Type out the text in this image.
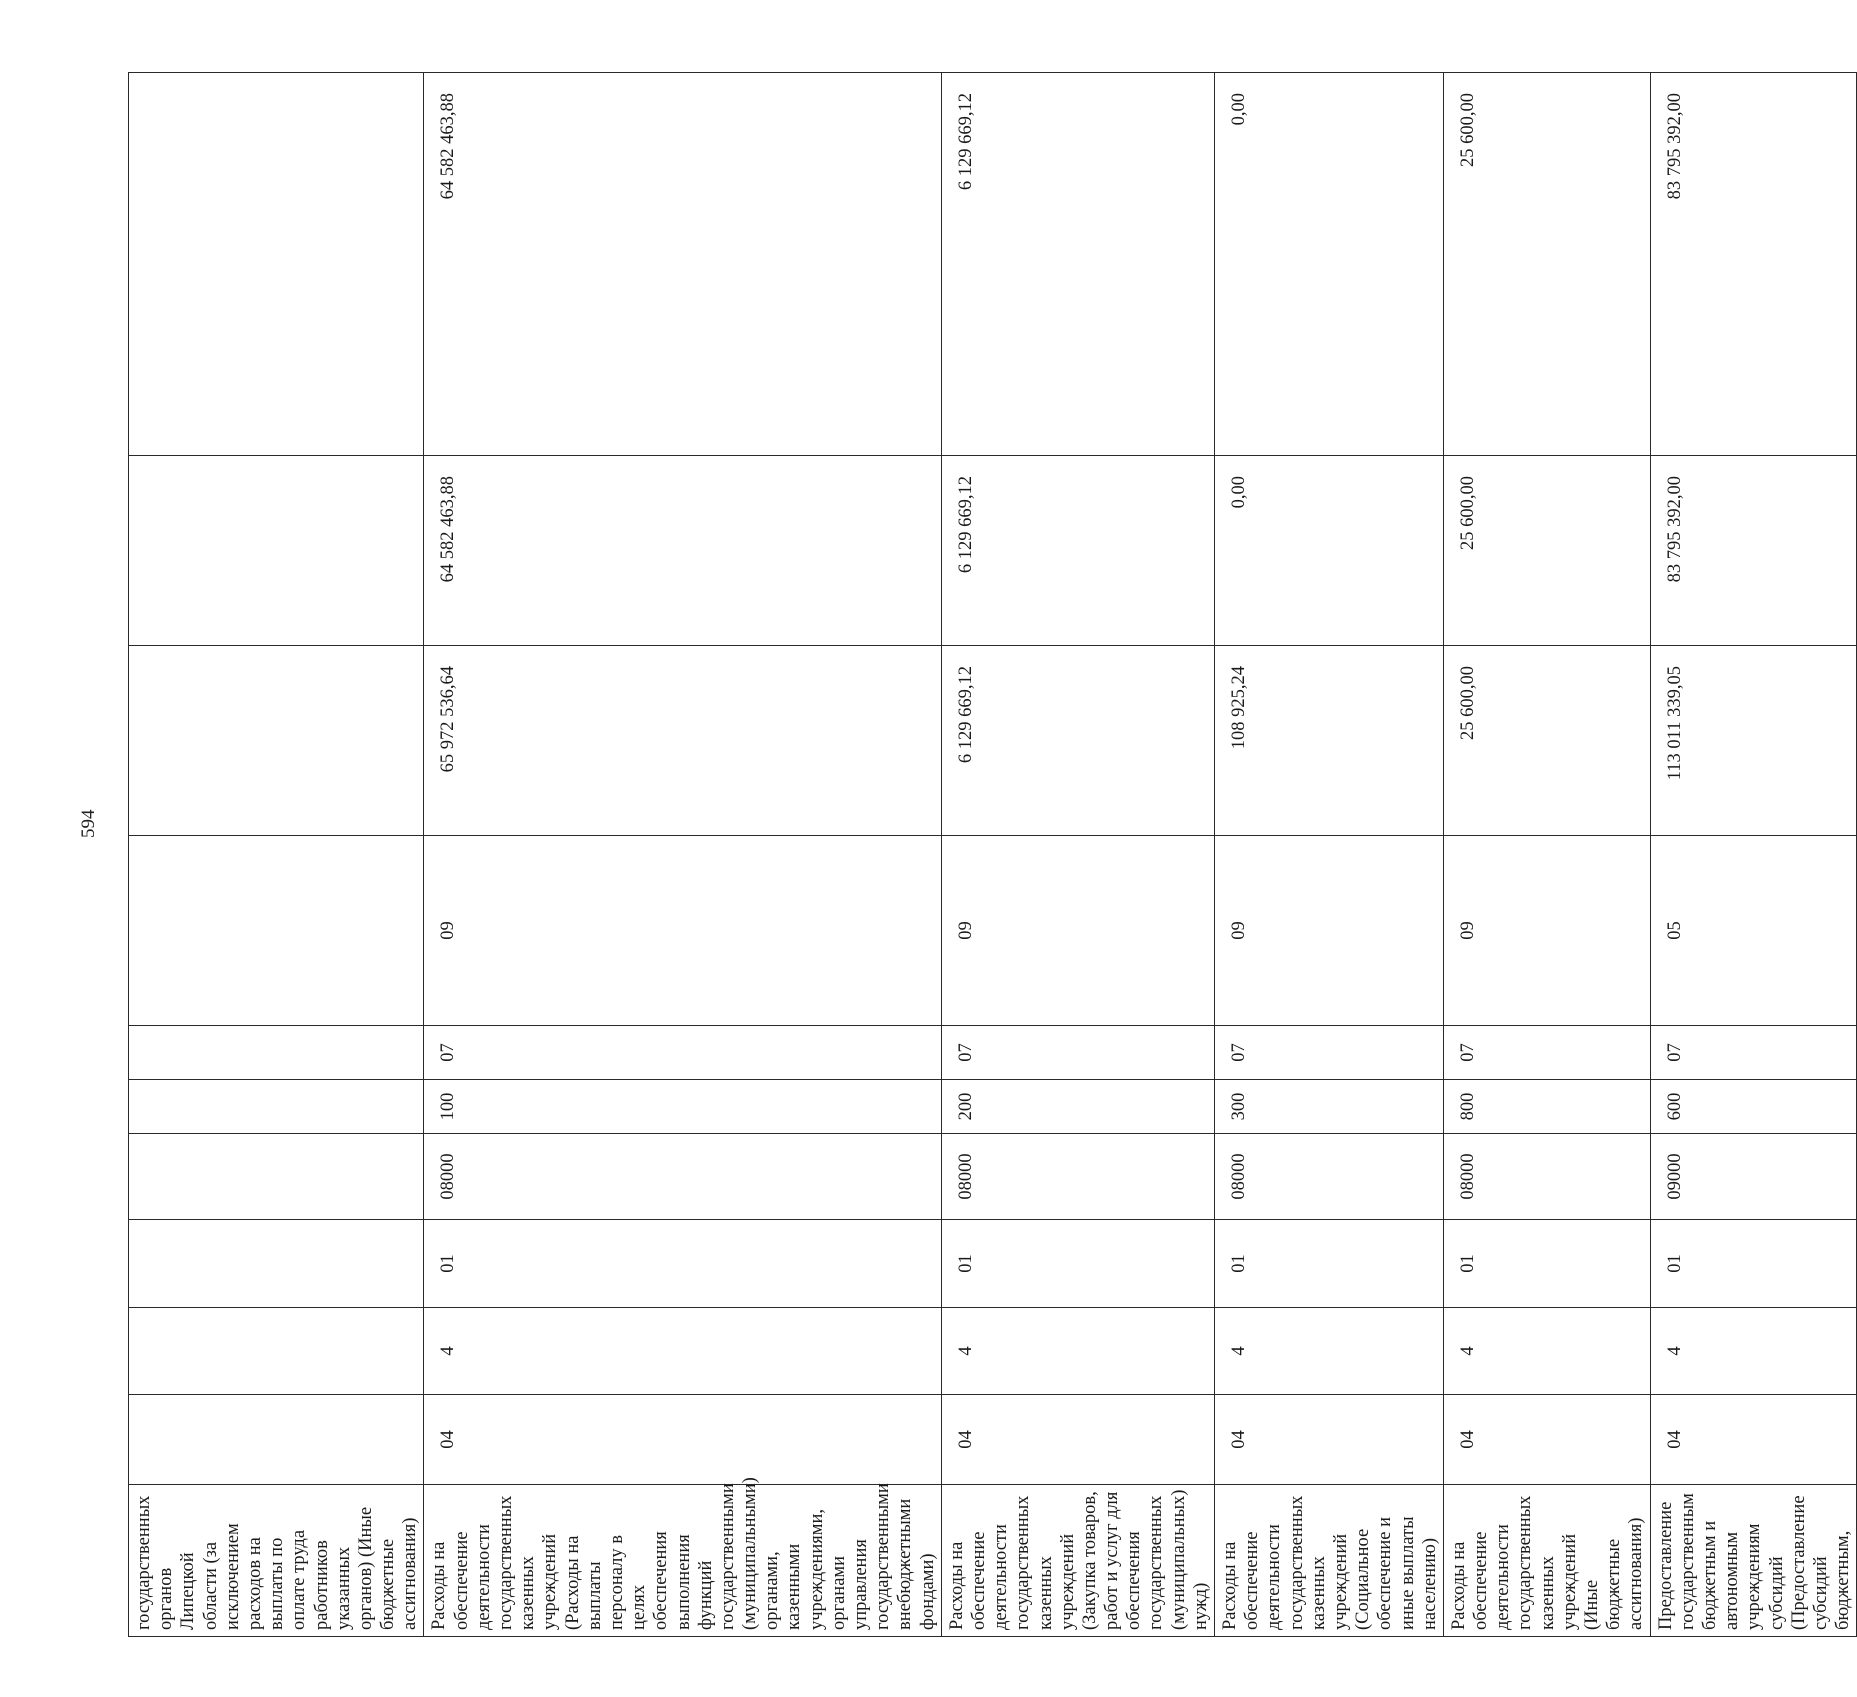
594
государственных органов Липецкой области (за исключением расходов на выплаты по оплате труда работников указанных органов) (Иные бюджетные ассигнования)										
Расходы на обеспечение деятельности государственных казенных учреждений (Расходы на выплаты персоналу в целях обеспечения выполнения функций государственными (муниципальными) органами, казенными учреждениями, органами управления государственными внебюджетными фондами)	04	4	01	08000	100	07	09	65 972 536,64	64 582 463,88	64 582 463,88
Расходы на обеспечение деятельности государственных казенных учреждений (Закупка товаров, работ и услуг для обеспечения государственных (муниципальных) нужд)	04	4	01	08000	200	07	09	6 129 669,12	6 129 669,12	6 129 669,12
Расходы на обеспечение деятельности государственных казенных учреждений (Социальное обеспечение и иные выплаты населению)	04	4	01	08000	300	07	09	108 925,24	0,00	0,00
Расходы на обеспечение деятельности государственных казенных учреждений (Иные бюджетные ассигнования)	04	4	01	08000	800	07	09	25 600,00	25 600,00	25 600,00
Предоставление государственным бюджетным и автономным учреждениям субсидий (Предоставление субсидий бюджетным,	04	4	01	09000	600	07	05	113 011 339,05	83 795 392,00	83 795 392,00
